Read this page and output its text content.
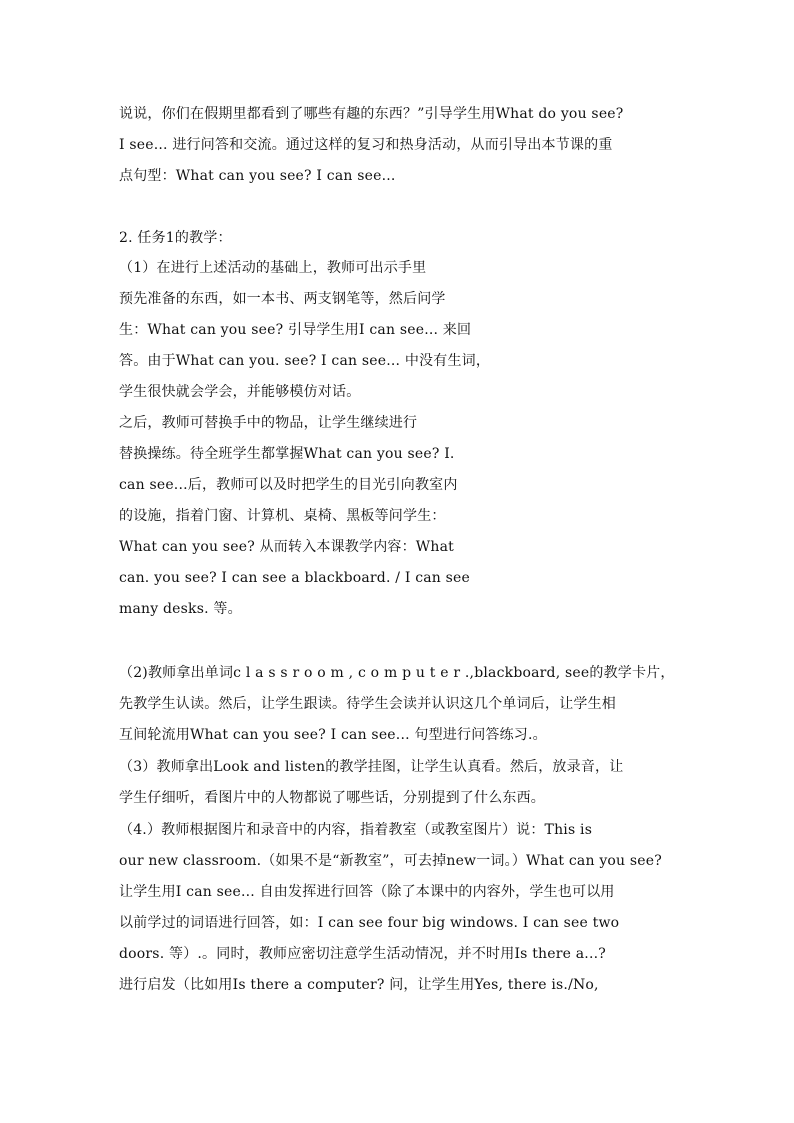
说说，你们在假期里都看到了哪些有趣的东西？”引导学生用What do you see?
I see... 进行问答和交流。通过这样的复习和热身活动，从而引导出本节课的重
点句型：What can you see? I can see...
2. 任务1的教学：
（1）在进行上述活动的基础上，教师可出示手里
预先准备的东西，如一本书、两支钢笔等，然后问学
生：What can you see? 引导学生用I can see... 来回
答。由于What can you. see? I can see... 中没有生词，
学生很快就会学会，并能够模仿对话。
之后，教师可替换手中的物品，让学生继续进行
替换操练。待全班学生都掌握What can you see? I.
can see...后，教师可以及时把学生的目光引向教室内
的设施，指着门窗、计算机、桌椅、黑板等问学生：
What can you see? 从而转入本课教学内容：What
can. you see? I can see a blackboard. / I can see
many desks. 等。
（2)教师拿出单词c l a s s r o o m , c o m p u t e r .,blackboard, see的教学卡片，
先教学生认读。然后，让学生跟读。待学生会读并认识这几个单词后，让学生相
互间轮流用What can you see? I can see... 句型进行问答练习.。
（3）教师拿出Look and listen的教学挂图，让学生认真看。然后，放录音，让
学生仔细听，看图片中的人物都说了哪些话，分别提到了什么东西。
（4.）教师根据图片和录音中的内容，指着教室（或教室图片）说：This is
our new classroom.（如果不是“新教室”，可去掉new一词。）What can you see?
让学生用I can see... 自由发挥进行回答（除了本课中的内容外，学生也可以用
以前学过的词语进行回答，如：I can see four big windows. I can see two
doors. 等）.。同时，教师应密切注意学生活动情况，并不时用Is there a...?
进行启发（比如用Is there a computer? 问，让学生用Yes, there is./No,
